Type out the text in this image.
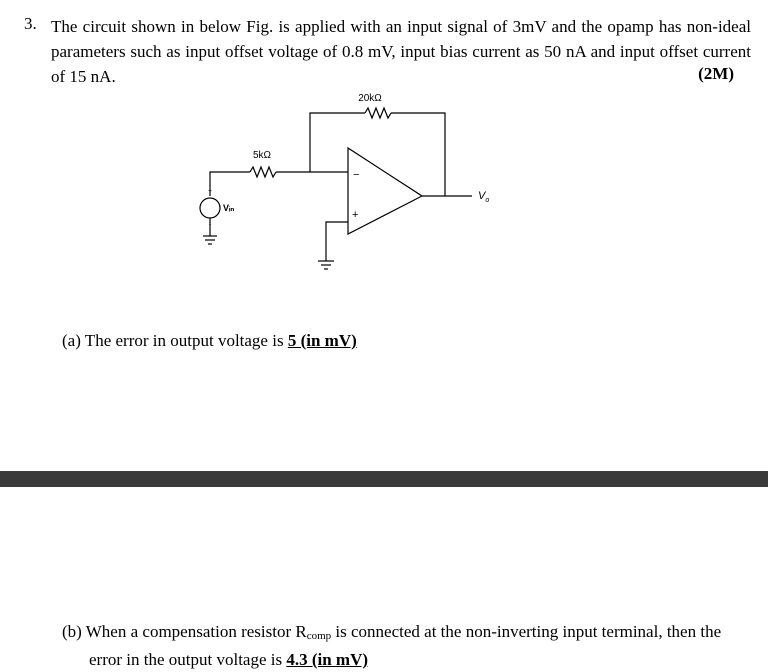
3. The circuit shown in below Fig. is applied with an input signal of 3mV and the opamp has non-ideal parameters such as input offset voltage of 0.8 mV, input bias current as 50 nA and input offset current of 15 nA.	(2M)
20kΩ
5kΩ
−
+
$V_o$
+
-
Vᵢₙ
(a) The error in output voltage is 5 (in mV)
(b) When a compensation resistor $R_{comp}$ is connected at the non-inverting input terminal, then the
error in the output voltage is 4.3 (in mV)
